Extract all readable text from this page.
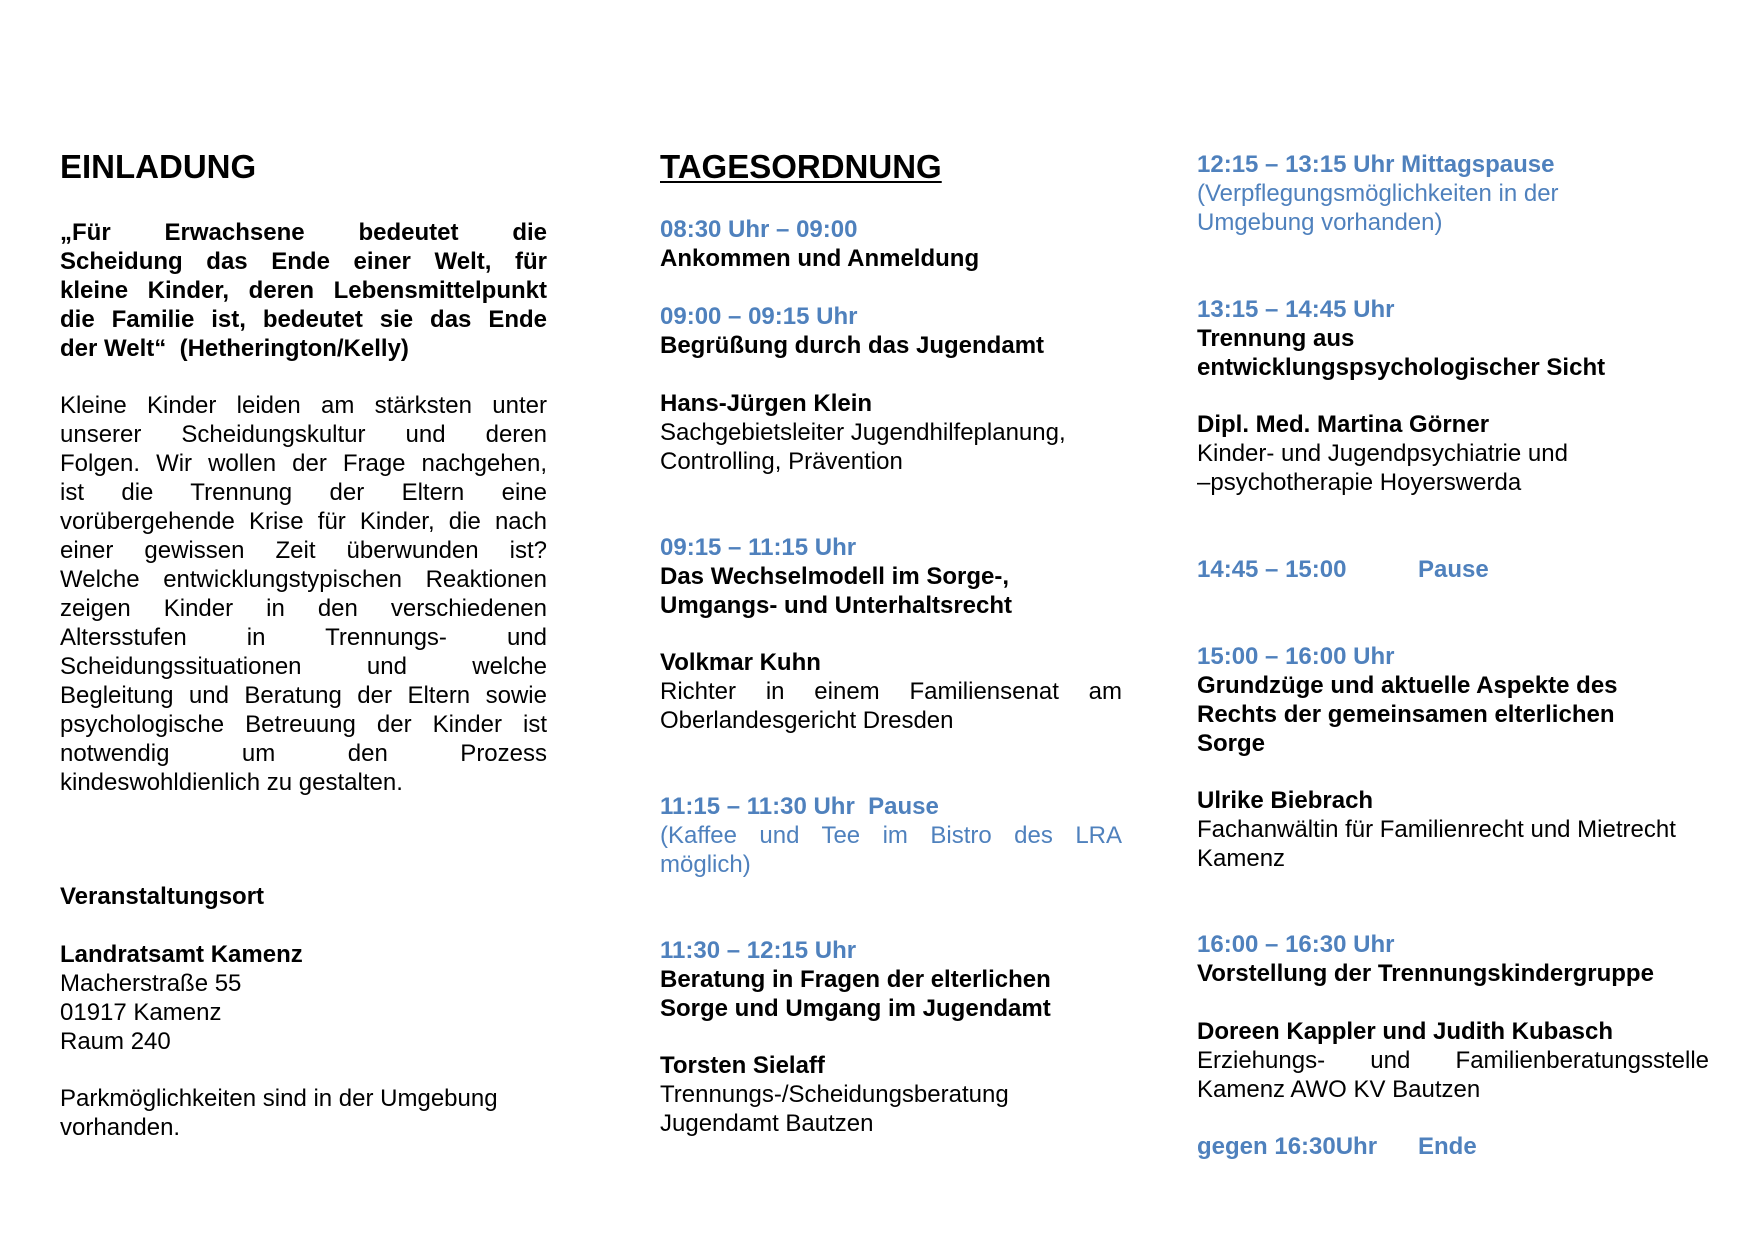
EINLADUNG
„Für Erwachsene bedeutet die
Scheidung das Ende einer Welt, für
kleine Kinder, deren Lebensmittelpunkt
die Familie ist, bedeutet sie das Ende
der Welt“  (Hetherington/Kelly)
Kleine Kinder leiden am stärksten unter
unserer Scheidungskultur und deren
Folgen. Wir wollen der Frage nachgehen,
ist die Trennung der Eltern eine
vorübergehende Krise für Kinder, die nach
einer gewissen Zeit überwunden ist?
Welche entwicklungstypischen Reaktionen
zeigen Kinder in den verschiedenen
Altersstufen in Trennungs- und
Scheidungssituationen und welche
Begleitung und Beratung der Eltern sowie
psychologische Betreuung der Kinder ist
notwendig um den Prozess
kindeswohldienlich zu gestalten.

Veranstaltungsort

Landratsamt Kamenz
Macherstraße 55
01917 Kamenz
Raum 240
Parkmöglichkeiten sind in der Umgebung
vorhanden.
TAGESORDNUNG
08:30 Uhr – 09:00
Ankommen und Anmeldung
09:00 – 09:15 Uhr
Begrüßung durch das Jugendamt
Hans-Jürgen Klein
Sachgebietsleiter Jugendhilfeplanung,
Controlling, Prävention
09:15 – 11:15 Uhr
Das Wechselmodell im Sorge-,
Umgangs- und Unterhaltsrecht
Volkmar Kuhn
Richter in einem Familiensenat am
Oberlandesgericht Dresden
11:15 – 11:30 Uhr Pause
(Kaffee und Tee im Bistro des LRA
möglich)
11:30 – 12:15 Uhr
Beratung in Fragen der elterlichen
Sorge und Umgang im Jugendamt
Torsten Sielaff
Trennungs-/Scheidungsberatung
Jugendamt Bautzen
12:15 – 13:15 Uhr Mittagspause
(Verpflegungsmöglichkeiten in der
Umgebung vorhanden)
13:15 – 14:45 Uhr
Trennung aus
entwicklungspsychologischer Sicht
Dipl. Med. Martina Görner
Kinder- und Jugendpsychiatrie und
–psychotherapie Hoyerswerda
14:45 – 15:00	Pause
15:00 – 16:00 Uhr
Grundzüge und aktuelle Aspekte des
Rechts der gemeinsamen elterlichen
Sorge
Ulrike Biebrach
Fachanwältin für Familienrecht und Mietrecht
Kamenz
16:00 – 16:30 Uhr
Vorstellung der Trennungskindergruppe
Doreen Kappler und Judith Kubasch
Erziehungs- und Familienberatungsstelle
Kamenz AWO KV Bautzen
gegen 16:30Uhr Ende
